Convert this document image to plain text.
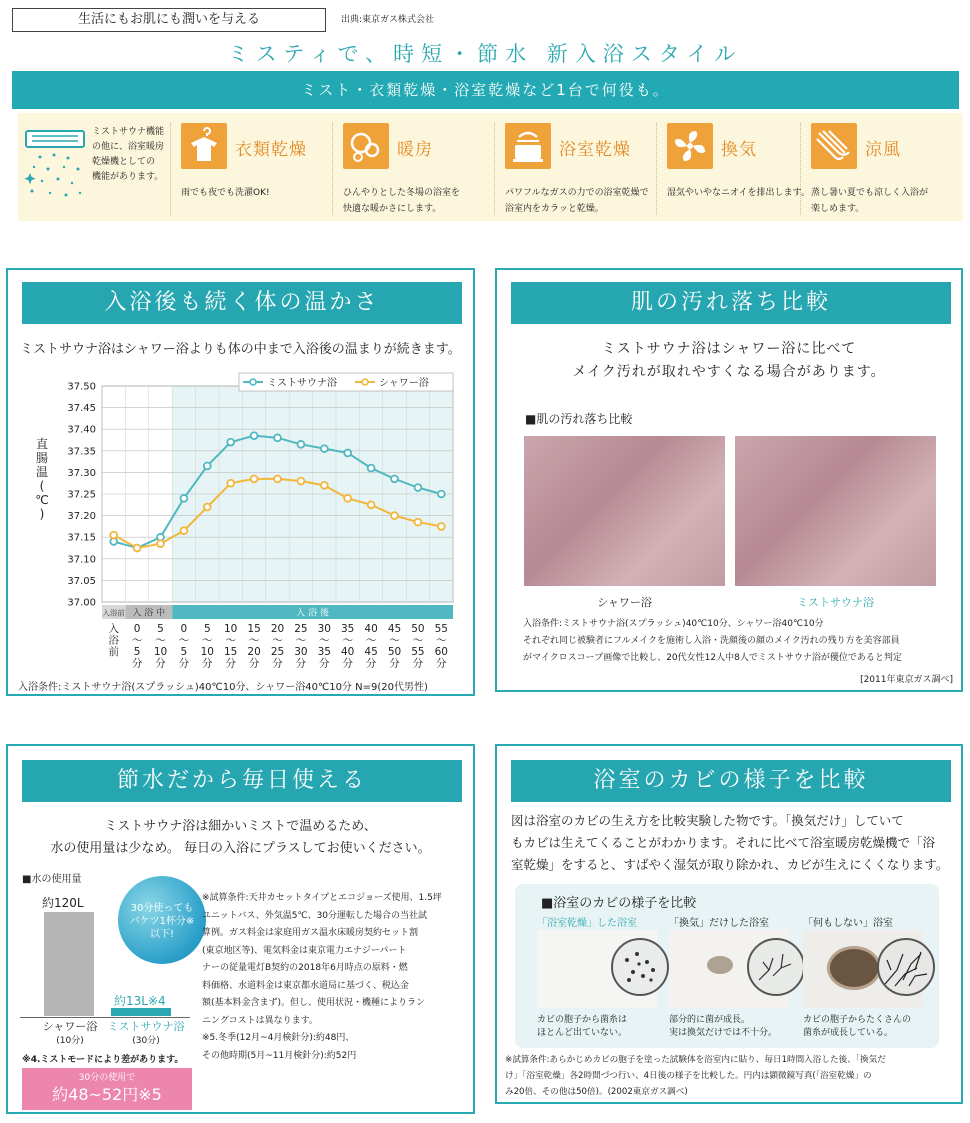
生活にもお肌にも潤いを与える	出典:東京ガス株式会社
ミスティで、時短・節水 新入浴スタイル
ミスト・衣類乾燥・浴室乾燥など1台で何役も。
ミストサウナ機能
の他に、浴室暖房
乾燥機としての
機能があります。
衣類乾燥
雨でも夜でも洗濯OK!
暖房
ひんやりとした冬場の浴室を
快適な暖かさにします。
浴室乾燥
パワフルなガスの力での浴室乾燥で
浴室内をカラッと乾燥。
換気
湿気やいやなニオイを排出します。
涼風
蒸し暑い夏でも涼しく入浴が
楽しめます。
入浴後も続く体の温かさ
ミストサウナ浴はシャワー浴よりも体の中まで入浴後の温まりが続きます。
37.50
37.45
37.40
37.35
37.30
37.25
37.20
37.15
37.10
37.05
37.00
直
腸
温
(
℃
)
入浴前 入 浴 中	入 浴 後
入
浴
前
0
〜
5
分
5
〜
10
分
0
〜
5
分
5
〜
10
分
10
〜
15
分
15
〜
20
分
20
〜
25
分
25
〜
30
分
30
〜
35
分
35
〜
40
分
40
〜
45
分
45
〜
50
分
50
〜
55
分
55
〜
60
分
ミストサウナ浴	シャワー浴
入浴条件:ミストサウナ浴(スプラッシュ)40℃10分、シャワー浴40℃10分 N=9(20代男性)
肌の汚れ落ち比較
ミストサウナ浴はシャワー浴に比べて
メイク汚れが取れやすくなる場合があります。
■肌の汚れ落ち比較
シャワー浴	ミストサウナ浴
入浴条件:ミストサウナ浴(スプラッシュ)40℃10分、シャワー浴40℃10分
それぞれ同じ被験者にフルメイクを施術し入浴・洗顔後の顔のメイク汚れの残り方を美容部員
がマイクロスコープ画像で比較し、20代女性12人中8人でミストサウナ浴が優位であると判定
[2011年東京ガス調べ]
節水だから毎日使える
ミストサウナ浴は細かいミストで温めるため、
水の使用量は少なめ。 毎日の入浴にプラスしてお使いください。
■水の使用量
約120L
約13L※4
シャワー浴
(10分)
ミストサウナ浴
(30分)
30分使っても
バケツ1杯分※
以下!
※4.ミストモードにより差があります。
30分の使用で
約48~52円※5
※試算条件:天井カセットタイプとエコジョーズ使用、1.5坪
ユニットバス、外気温5℃、30分運転した場合の当社試
算例。ガス料金は家庭用ガス温水床暖房契約セット割
(東京地区等)、電気料金は東京電力エナジーパート
ナーの従量電灯B契約の2018年6月時点の原料・燃
料価格、水道料金は東京都水道局に基づく、税込金
額(基本料金含まず)。但し、使用状況・機種によりラン
ニングコストは異なります。
※5.冬季(12月~4月検針分):約48円、
その他時期(5月~11月検針分):約52円
浴室のカビの様子を比較
図は浴室のカビの生え方を比較実験した物です。「換気だけ」していて
もカビは生えてくることがわかります。それに比べて浴室暖房乾燥機で「浴
室乾燥」をすると、すばやく湿気が取り除かれ、カビが生えにくくなります。
■浴室のカビの様子を比較
「浴室乾燥」した浴室
カビの胞子から菌糸は
ほとんど出ていない。
「換気」だけした浴室
部分的に菌が成長。
実は換気だけでは不十分。
「何もしない」浴室
カビの胞子からたくさんの
菌糸が成長している。
※試算条件:あらかじめカビの胞子を塗った試験体を浴室内に貼り、毎日1時間入浴した後、「換気だ
け」「浴室乾燥」各2時間づつ行い、4日後の様子を比較した。円内は顕微鏡写真(「浴室乾燥」の
み20倍、その他は50倍)。(2002東京ガス調べ)
